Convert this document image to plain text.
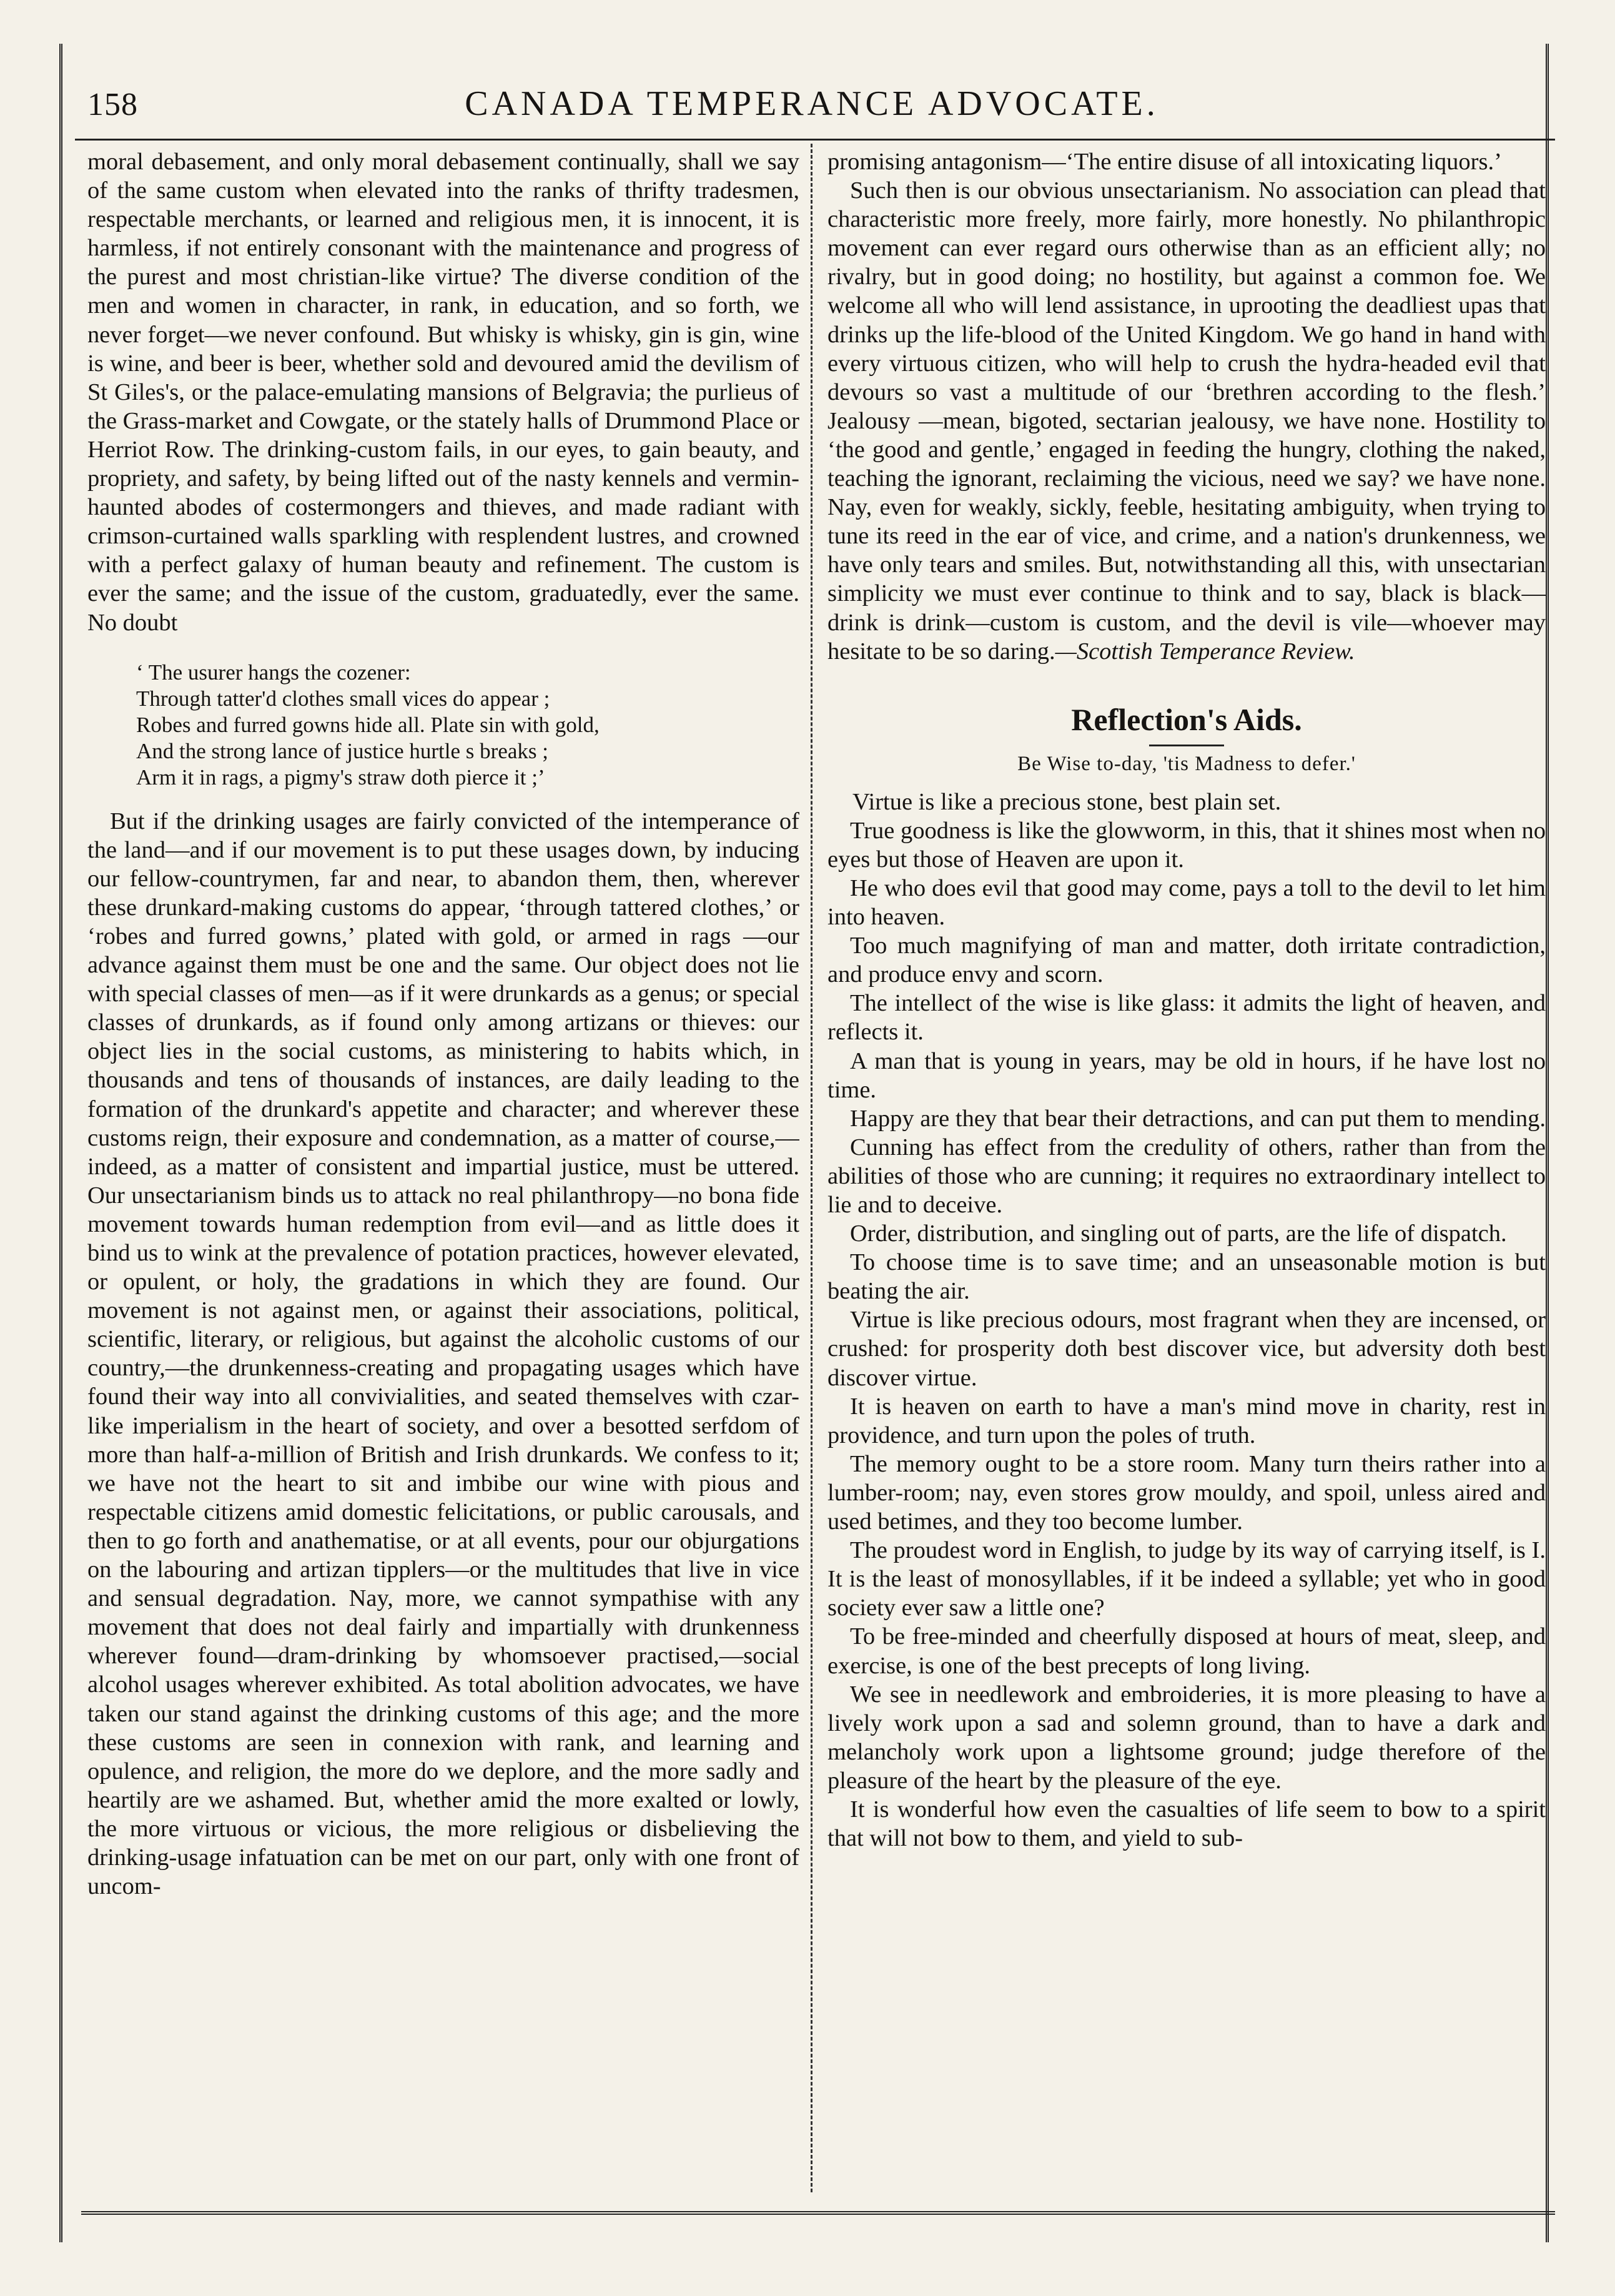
158	CANADA TEMPERANCE ADVOCATE.

moral debasement, and only moral debasement continually, shall we say of the same custom when elevated into the ranks of thrifty tradesmen, respectable merchants, or learned and religious men, it is innocent, it is harmless, if not entirely consonant with the maintenance and progress of the purest and most christian-like virtue? The diverse condition of the men and women in character, in rank, in education, and so forth, we never forget—we never confound. But whisky is whisky, gin is gin, wine is wine, and beer is beer, whether sold and devoured amid the devilism of St Giles's, or the palace-emulating mansions of Belgravia; the purlieus of the Grass-market and Cowgate, or the stately halls of Drummond Place or Herriot Row. The drinking-custom fails, in our eyes, to gain beauty, and propriety, and safety, by being lifted out of the nasty kennels and vermin-haunted abodes of costermongers and thieves, and made radiant with crimson-curtained walls sparkling with resplendent lustres, and crowned with a perfect galaxy of human beauty and refinement. The custom is ever the same; and the issue of the custom, graduatedly, ever the same. No doubt

‘ The usurer hangs the cozener:
Through tatter'd clothes small vices do appear ;
Robes and furred gowns hide all. Plate sin with gold,
And the strong lance of justice hurtle s breaks ;
Arm it in rags, a pigmy's straw doth pierce it ;’

But if the drinking usages are fairly convicted of the intemperance of the land—and if our movement is to put these usages down, by inducing our fellow-countrymen, far and near, to abandon them, then, wherever these drunkard-making customs do appear, ‘through tattered clothes,’ or ‘robes and furred gowns,’ plated with gold, or armed in rags —our advance against them must be one and the same. Our object does not lie with special classes of men—as if it were drunkards as a genus; or special classes of drunkards, as if found only among artizans or thieves: our object lies in the social customs, as ministering to habits which, in thousands and tens of thousands of instances, are daily leading to the formation of the drunkard's appetite and character; and wherever these customs reign, their exposure and condemnation, as a matter of course,—indeed, as a matter of consistent and impartial justice, must be uttered. Our unsectarianism binds us to attack no real philanthropy—no bona fide movement towards human redemption from evil—and as little does it bind us to wink at the prevalence of potation practices, however elevated, or opulent, or holy, the gradations in which they are found. Our movement is not against men, or against their associations, political, scientific, literary, or religious, but against the alcoholic customs of our country,—the drunkenness-creating and propagating usages which have found their way into all convivialities, and seated themselves with czar-like imperialism in the heart of society, and over a besotted serfdom of more than half-a-million of British and Irish drunkards. We confess to it; we have not the heart to sit and imbibe our wine with pious and respectable citizens amid domestic felicitations, or public carousals, and then to go forth and anathematise, or at all events, pour our objurgations on the labouring and artizan tipplers—or the multitudes that live in vice and sensual degradation. Nay, more, we cannot sympathise with any movement that does not deal fairly and impartially with drunkenness wherever found—dram-drinking by whomsoever practised,—social alcohol usages wherever exhibited. As total abolition advocates, we have taken our stand against the drinking customs of this age; and the more these customs are seen in connexion with rank, and learning and opulence, and religion, the more do we deplore, and the more sadly and heartily are we ashamed. But, whether amid the more exalted or lowly, the more virtuous or vicious, the more religious or disbelieving the drinking-usage infatuation can be met on our part, only with one front of uncom-

promising antagonism—‘The entire disuse of all intoxicating liquors.’

Such then is our obvious unsectarianism. No association can plead that characteristic more freely, more fairly, more honestly. No philanthropic movement can ever regard ours otherwise than as an efficient ally; no rivalry, but in good doing; no hostility, but against a common foe. We welcome all who will lend assistance, in uprooting the deadliest upas that drinks up the life-blood of the United Kingdom. We go hand in hand with every virtuous citizen, who will help to crush the hydra-headed evil that devours so vast a multitude of our ‘brethren according to the flesh.’ Jealousy —mean, bigoted, sectarian jealousy, we have none. Hostility to ‘the good and gentle,’ engaged in feeding the hungry, clothing the naked, teaching the ignorant, reclaiming the vicious, need we say? we have none. Nay, even for weakly, sickly, feeble, hesitating ambiguity, when trying to tune its reed in the ear of vice, and crime, and a nation's drunkenness, we have only tears and smiles. But, notwithstanding all this, with unsectarian simplicity we must ever continue to think and to say, black is black—drink is drink—custom is custom, and the devil is vile—whoever may hesitate to be so daring.—Scottish Temperance Review.

Reflection's Aids.
Be Wise to-day, 'tis Madness to defer.'

Virtue is like a precious stone, best plain set.

True goodness is like the glowworm, in this, that it shines most when no eyes but those of Heaven are upon it.

He who does evil that good may come, pays a toll to the devil to let him into heaven.

Too much magnifying of man and matter, doth irritate contradiction, and produce envy and scorn.

The intellect of the wise is like glass: it admits the light of heaven, and reflects it.

A man that is young in years, may be old in hours, if he have lost no time.

Happy are they that bear their detractions, and can put them to mending.

Cunning has effect from the credulity of others, rather than from the abilities of those who are cunning; it requires no extraordinary intellect to lie and to deceive.

Order, distribution, and singling out of parts, are the life of dispatch.

To choose time is to save time; and an unseasonable motion is but beating the air.

Virtue is like precious odours, most fragrant when they are incensed, or crushed: for prosperity doth best discover vice, but adversity doth best discover virtue.

It is heaven on earth to have a man's mind move in charity, rest in providence, and turn upon the poles of truth.

The memory ought to be a store room. Many turn theirs rather into a lumber-room; nay, even stores grow mouldy, and spoil, unless aired and used betimes, and they too become lumber.

The proudest word in English, to judge by its way of carrying itself, is I. It is the least of monosyllables, if it be indeed a syllable; yet who in good society ever saw a little one?

To be free-minded and cheerfully disposed at hours of meat, sleep, and exercise, is one of the best precepts of long living.

We see in needlework and embroideries, it is more pleasing to have a lively work upon a sad and solemn ground, than to have a dark and melancholy work upon a lightsome ground; judge therefore of the pleasure of the heart by the pleasure of the eye.

It is wonderful how even the casualties of life seem to bow to a spirit that will not bow to them, and yield to sub-
